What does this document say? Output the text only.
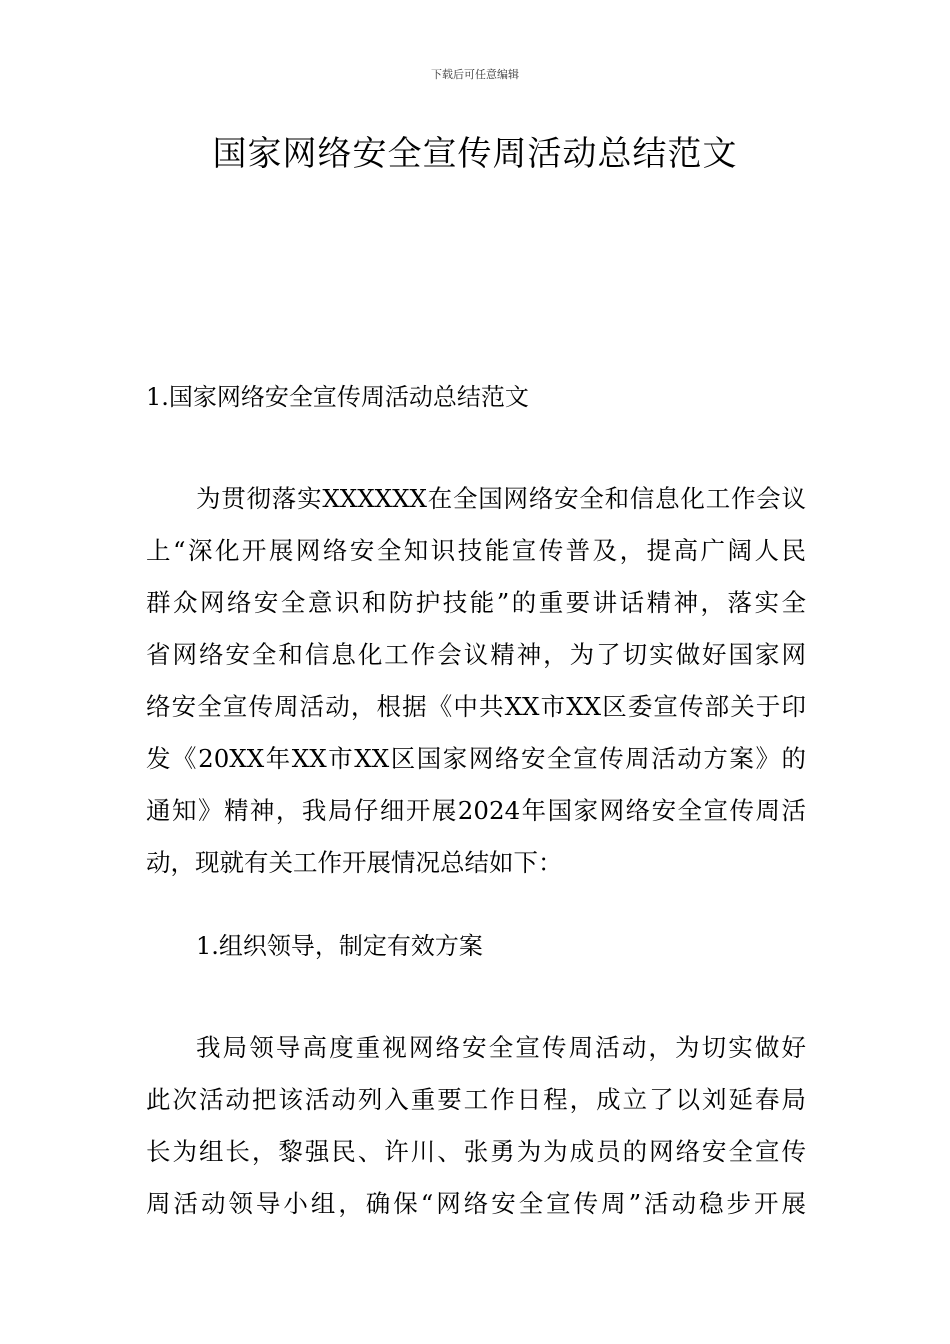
下载后可任意编辑
国家网络安全宣传周活动总结范文
1.国家网络安全宣传周活动总结范文
为贯彻落实XXXXXX在全国网络安全和信息化工作会议
上“深化开展网络安全知识技能宣传普及，提高广阔人民
群众网络安全意识和防护技能”的重要讲话精神，落实全
省网络安全和信息化工作会议精神，为了切实做好国家网
络安全宣传周活动，根据《中共XX市XX区委宣传部关于印
发《20XX年XX市XX区国家网络安全宣传周活动方案》的
通知》精神，我局仔细开展2024年国家网络安全宣传周活
动，现就有关工作开展情况总结如下：
1.组织领导，制定有效方案
我局领导高度重视网络安全宣传周活动，为切实做好
此次活动把该活动列入重要工作日程，成立了以刘延春局
长为组长，黎强民、许川、张勇为为成员的网络安全宣传
周活动领导小组，确保“网络安全宣传周”活动稳步开展
